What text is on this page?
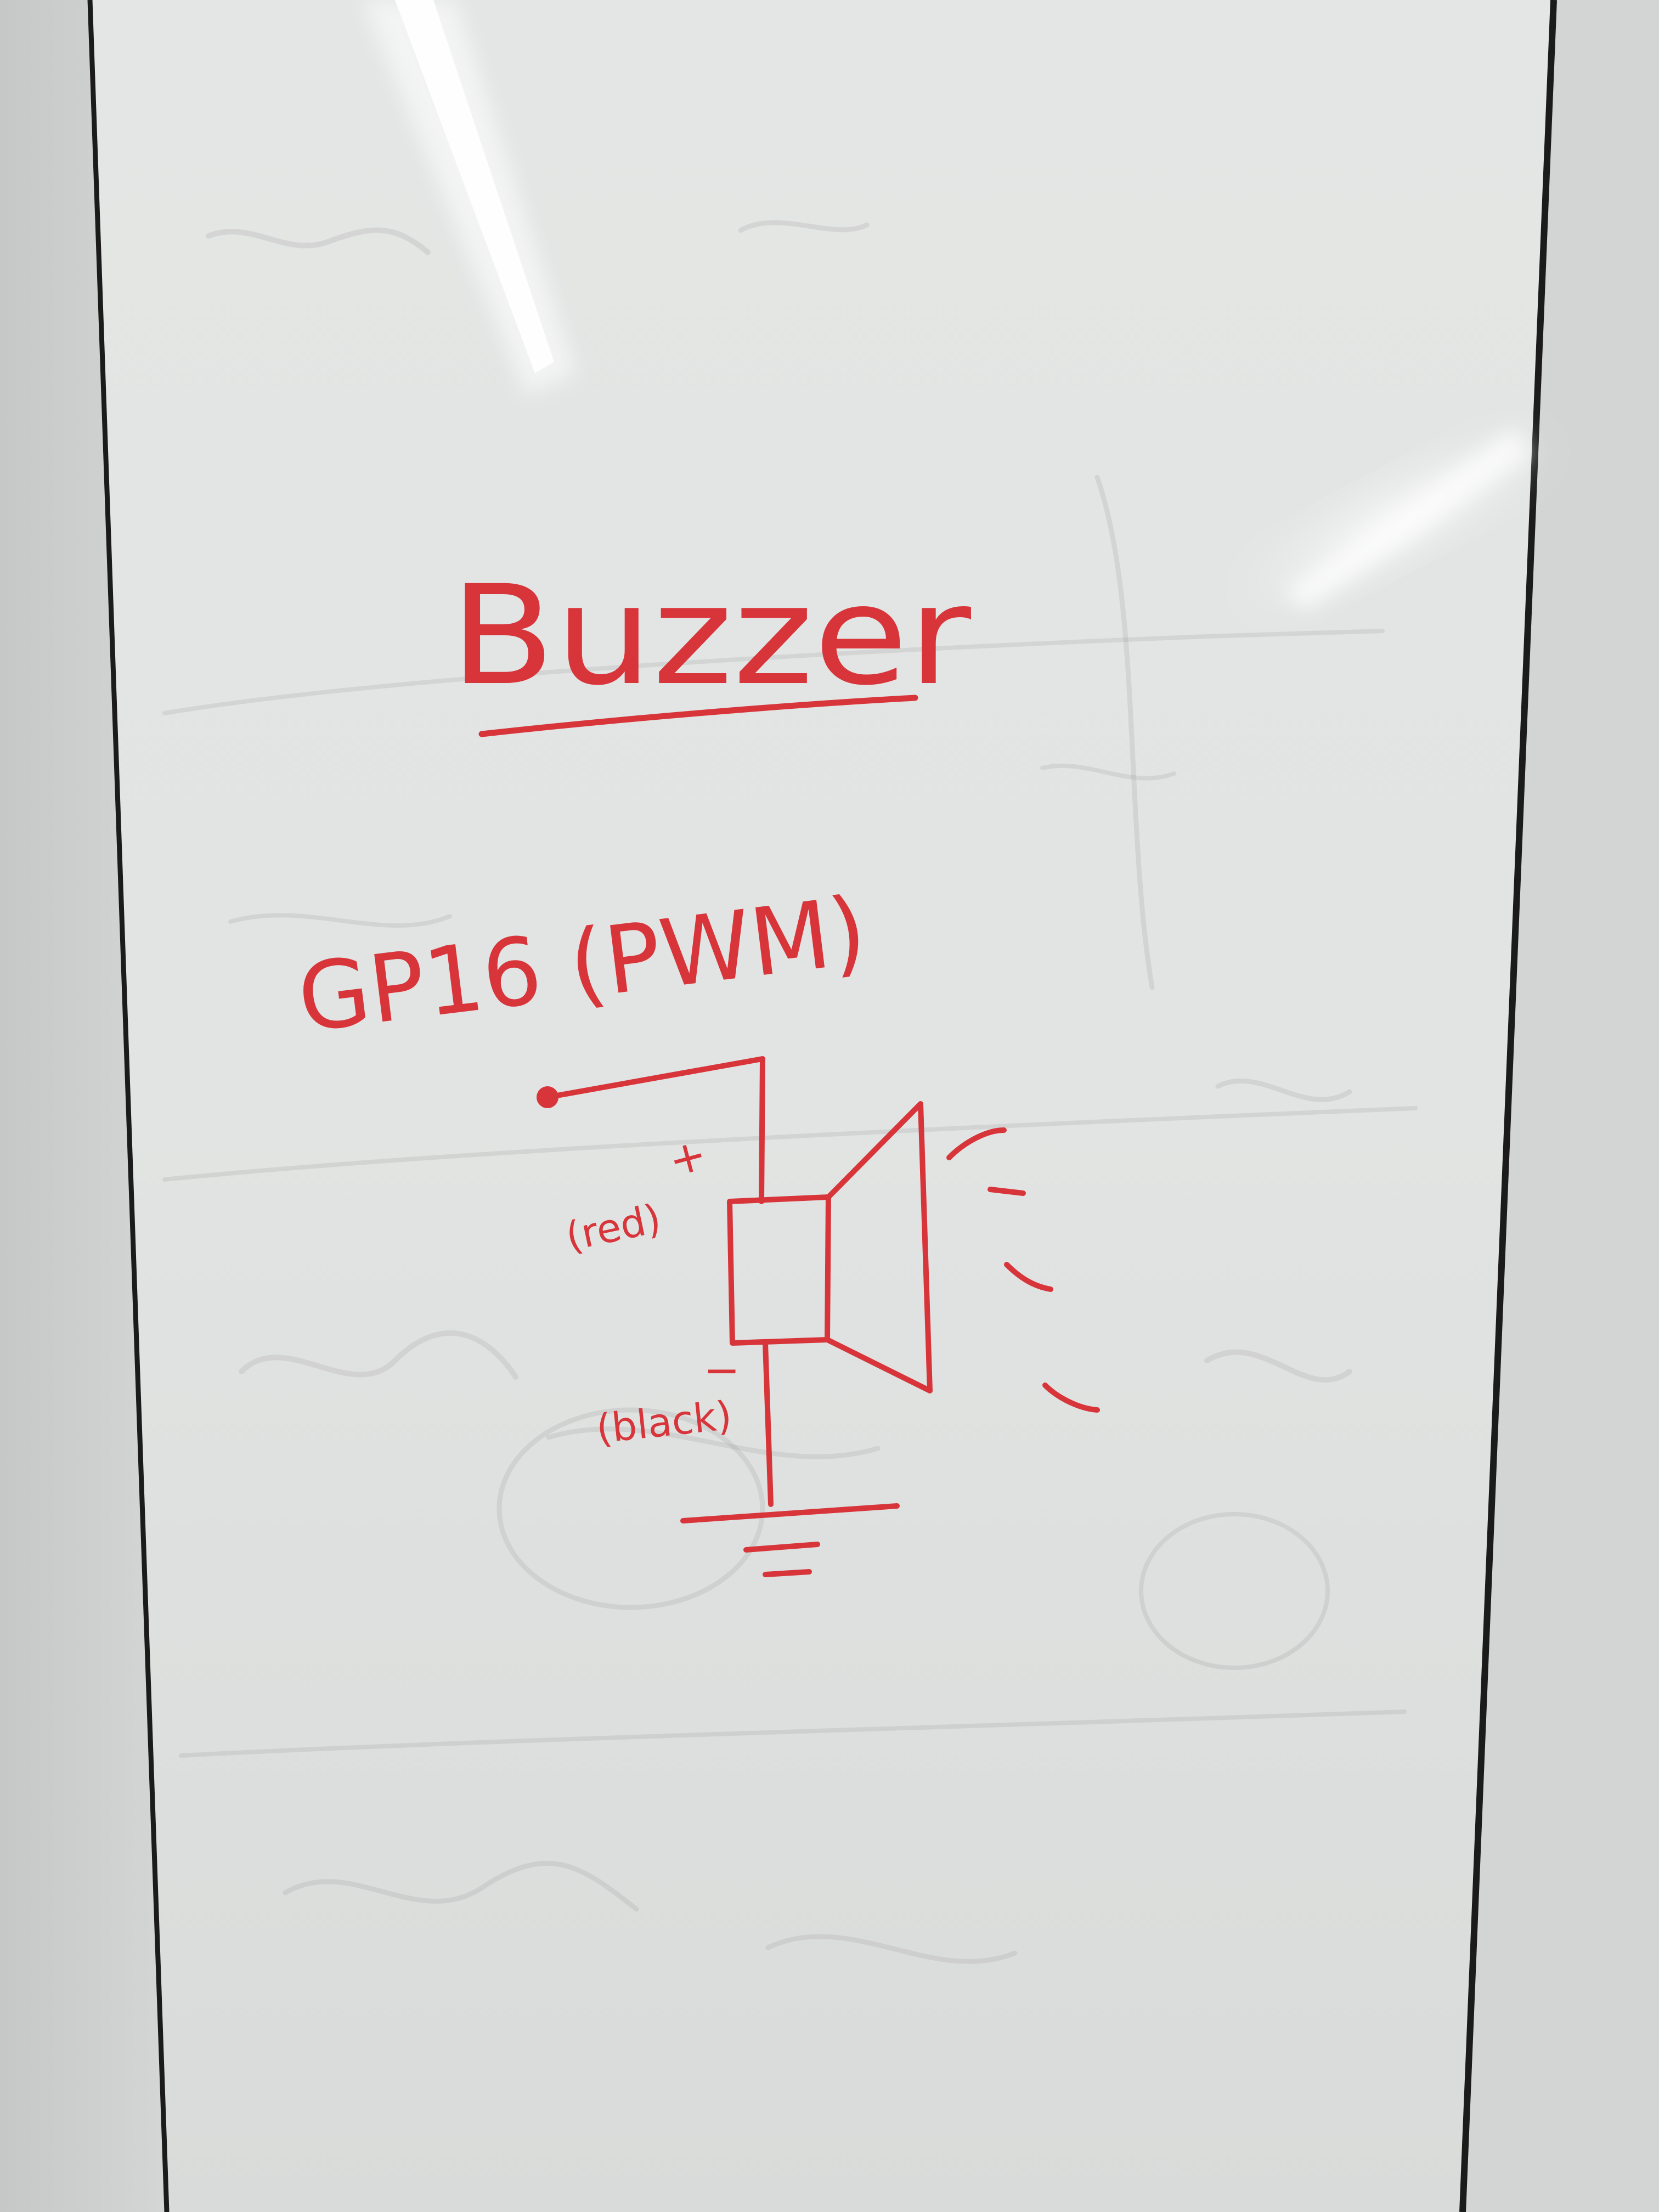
Buzzer
GP16 (PWM)
(red)
+
−
(black)
